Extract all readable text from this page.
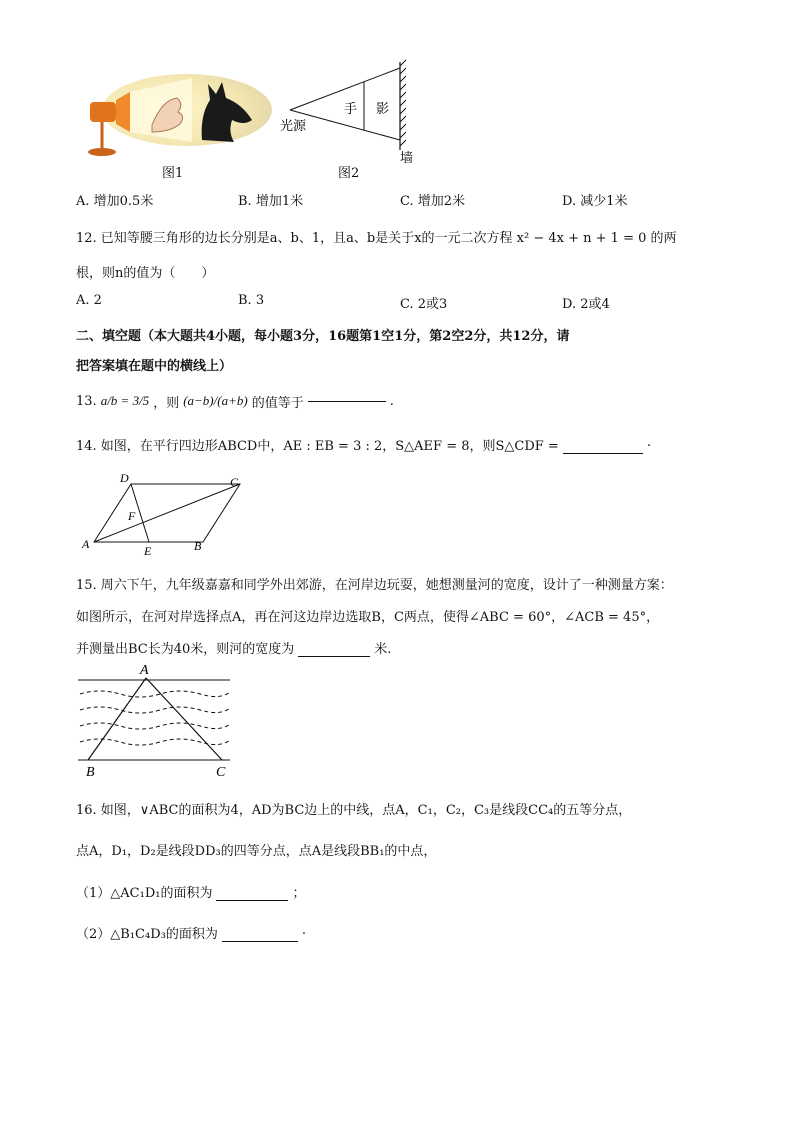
图1
手 影
光源
墙
图2
A. 增加0.5米	B. 增加1米	C. 增加2米	D. 减少1米
12. 已知等腰三角形的边长分别是a、b、1，且a、b是关于x的一元二次方程 x² − 4x + n + 1 = 0 的两
根，则n的值为（　　）
A. 2	B. 3	C. 2或3	D. 2或4
二、填空题（本大题共4小题，每小题3分，16题第1空1分，第2空2分，共12分，请
把答案填在题中的横线上）
13. a/b = 3/5 ，则 (a−b)/(a+b) 的值等于	.
14. 如图，在平行四边形ABCD中，AE : EB = 3 : 2，S△AEF = 8，则S△CDF =	.
D	C
F
A	E	B
15. 周六下午，九年级嘉嘉和同学外出郊游，在河岸边玩耍，她想测量河的宽度，设计了一种测量方案：
如图所示，在河对岸选择点A，再在河这边岸边选取B，C两点，使得∠ABC = 60°，∠ACB = 45°，
并测量出BC长为40米，则河的宽度为	米.
A
B	C
16. 如图，∨ABC的面积为4，AD为BC边上的中线，点A，C₁，C₂，C₃是线段CC₄的五等分点，
点A，D₁，D₂是线段DD₃的四等分点，点A是线段BB₁的中点，
（1）△AC₁D₁的面积为	；
（2）△B₁C₄D₃的面积为	.
